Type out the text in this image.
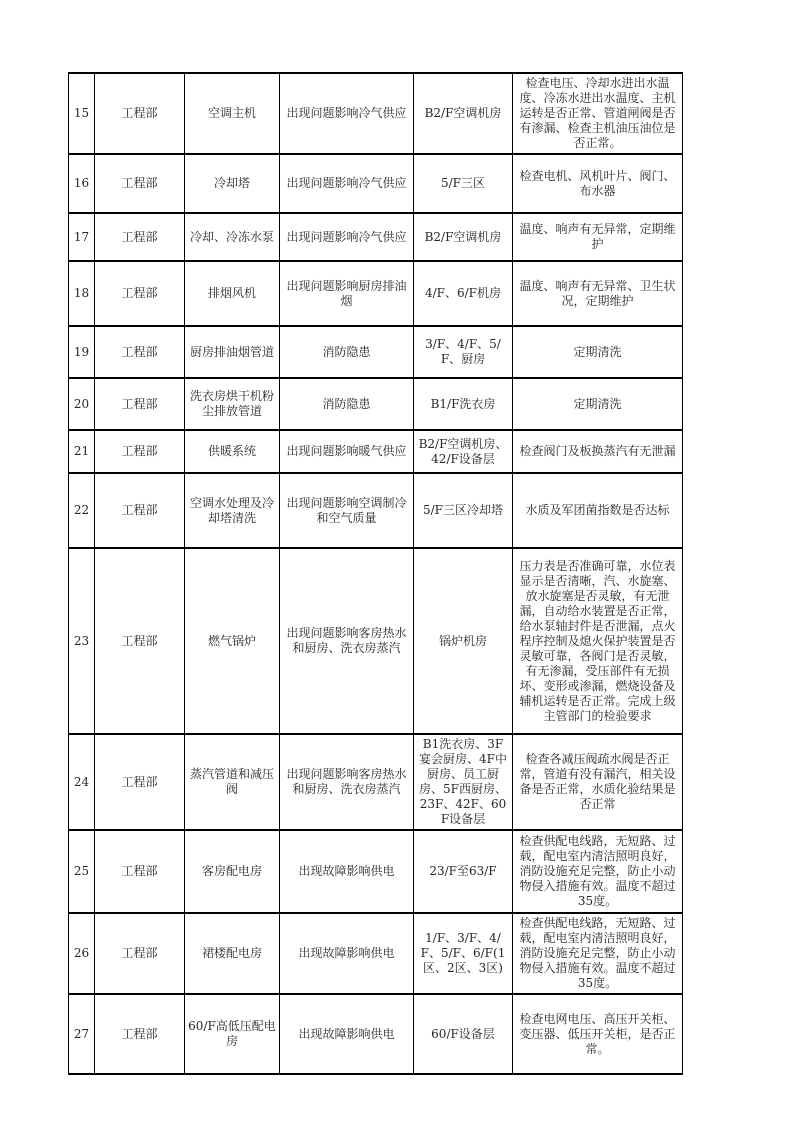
15	工程部	空调主机	出现问题影响冷气供应	B2/F空调机房	检查电压、冷却水进出水温度、冷冻水进出水温度、主机运转是否正常、管道闸阀是否有渗漏、检查主机油压油位是否正常。
16	工程部	冷却塔	出现问题影响冷气供应	5/F三区	检查电机、风机叶片、阀门、布水器
17	工程部	冷却、冷冻水泵	出现问题影响冷气供应	B2/F空调机房	温度、响声有无异常，定期维护
18	工程部	排烟风机	出现问题影响厨房排油烟	4/F、6/F机房	温度、响声有无异常、卫生状况，定期维护
19	工程部	厨房排油烟管道	消防隐患	3/F、4/F、5/F、厨房	定期清洗
20	工程部	洗衣房烘干机粉尘排放管道	消防隐患	B1/F洗衣房	定期清洗
21	工程部	供暖系统	出现问题影响暖气供应	B2/F空调机房、42/F设备层	检查阀门及板换蒸汽有无泄漏
22	工程部	空调水处理及冷却塔清洗	出现问题影响空调制冷和空气质量	5/F三区冷却塔	水质及军团菌指数是否达标
23	工程部	燃气锅炉	出现问题影响客房热水和厨房、洗衣房蒸汽	锅炉机房	压力表是否准确可靠，水位表显示是否清晰，汽、水旋塞、放水旋塞是否灵敏，有无泄漏，自动给水装置是否正常，给水泵轴封件是否泄漏，点火程序控制及熄火保护装置是否灵敏可靠，各阀门是否灵敏，有无渗漏，受压部件有无损坏、变形或渗漏，燃烧设备及辅机运转是否正常。完成上级主管部门的检验要求
24	工程部	蒸汽管道和减压阀	出现问题影响客房热水和厨房、洗衣房蒸汽	B1洗衣房、3F宴会厨房、4F中厨房、员工厨房、5F西厨房、23F、42F、60F设备层	检查各减压阀疏水阀是否正常，管道有没有漏汽，相关设备是否正常，水质化验结果是否正常
25	工程部	客房配电房	出现故障影响供电	23/F至63/F	检查供配电线路，无短路、过载，配电室内清洁照明良好，消防设施充足完整，防止小动物侵入措施有效。温度不超过35度。
26	工程部	裙楼配电房	出现故障影响供电	1/F、3/F、4/F、5/F、6/F(1区、2区、3区)	检查供配电线路，无短路、过载，配电室内清洁照明良好，消防设施充足完整，防止小动物侵入措施有效。温度不超过35度。
27	工程部	60/F高低压配电房	出现故障影响供电	60/F设备层	检查电网电压、高压开关柜、变压器、低压开关柜，是否正常。
